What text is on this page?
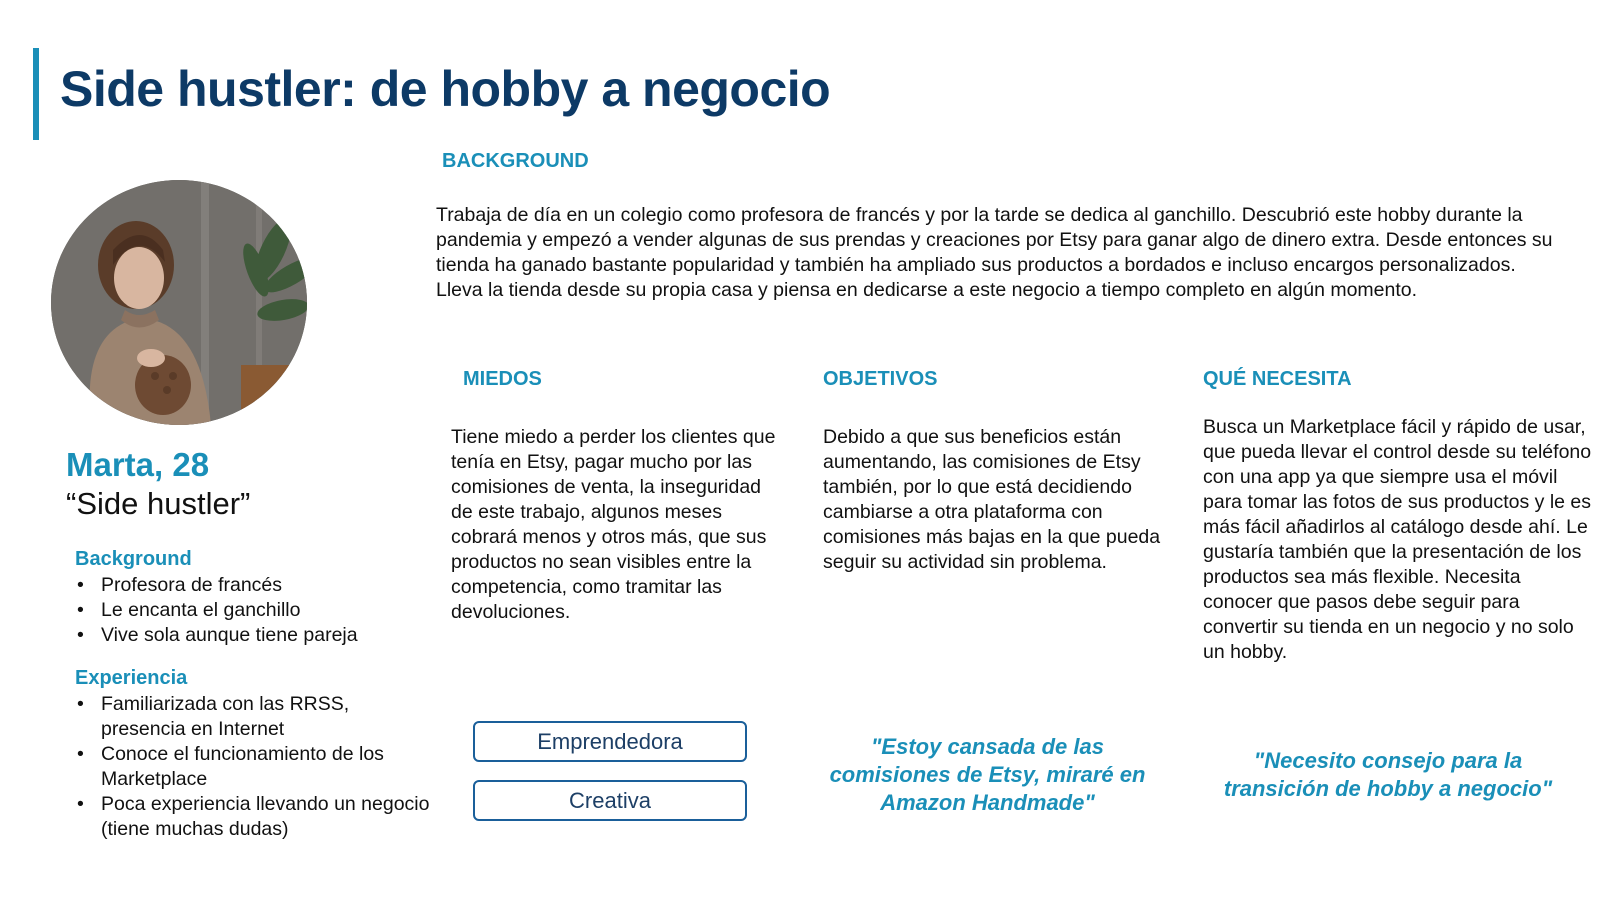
Side hustler: de hobby a negocio
BACKGROUND

Trabaja de día en un colegio como profesora de francés y por la tarde se dedica al ganchillo. Descubrió este hobby durante la pandemia y empezó a vender algunas de sus prendas y creaciones por Etsy para ganar algo de dinero extra. Desde entonces su tienda ha ganado bastante popularidad y también ha ampliado sus productos a bordados e incluso encargos personalizados. Lleva la tienda desde su propia casa y piensa en dedicarse a este negocio a tiempo completo en algún momento.

Marta, 28
“Side hustler”
Background
• Profesora de francés
• Le encanta el ganchillo
• Vive sola aunque tiene pareja
Experiencia
• Familiarizada con las RRSS, presencia en Internet
• Conoce el funcionamiento de los Marketplace
• Poca experiencia llevando un negocio (tiene muchas dudas)
MIEDOS

Tiene miedo a perder los clientes que tenía en Etsy, pagar mucho por las comisiones de venta, la inseguridad de este trabajo, algunos meses cobrará menos y otros más, que sus productos no sean visibles entre la competencia, como tramitar las devoluciones.

OBJETIVOS

Debido a que sus beneficios están aumentando, las comisiones de Etsy también, por lo que está decidiendo cambiarse a otra plataforma con comisiones más bajas en la que pueda seguir su actividad sin problema.

QUÉ NECESITA

Busca un Marketplace fácil y rápido de usar, que pueda llevar el control desde su teléfono con una app ya que siempre usa el móvil para tomar las fotos de sus productos y le es más fácil añadirlos al catálogo desde ahí. Le gustaría también que la presentación de los productos sea más flexible. Necesita conocer que pasos debe seguir para convertir su tienda en un negocio y no solo un hobby.

Emprendedora
Creativa
"Estoy cansada de las comisiones de Etsy, miraré en Amazon Handmade"
"Necesito consejo para la transición de hobby a negocio"
